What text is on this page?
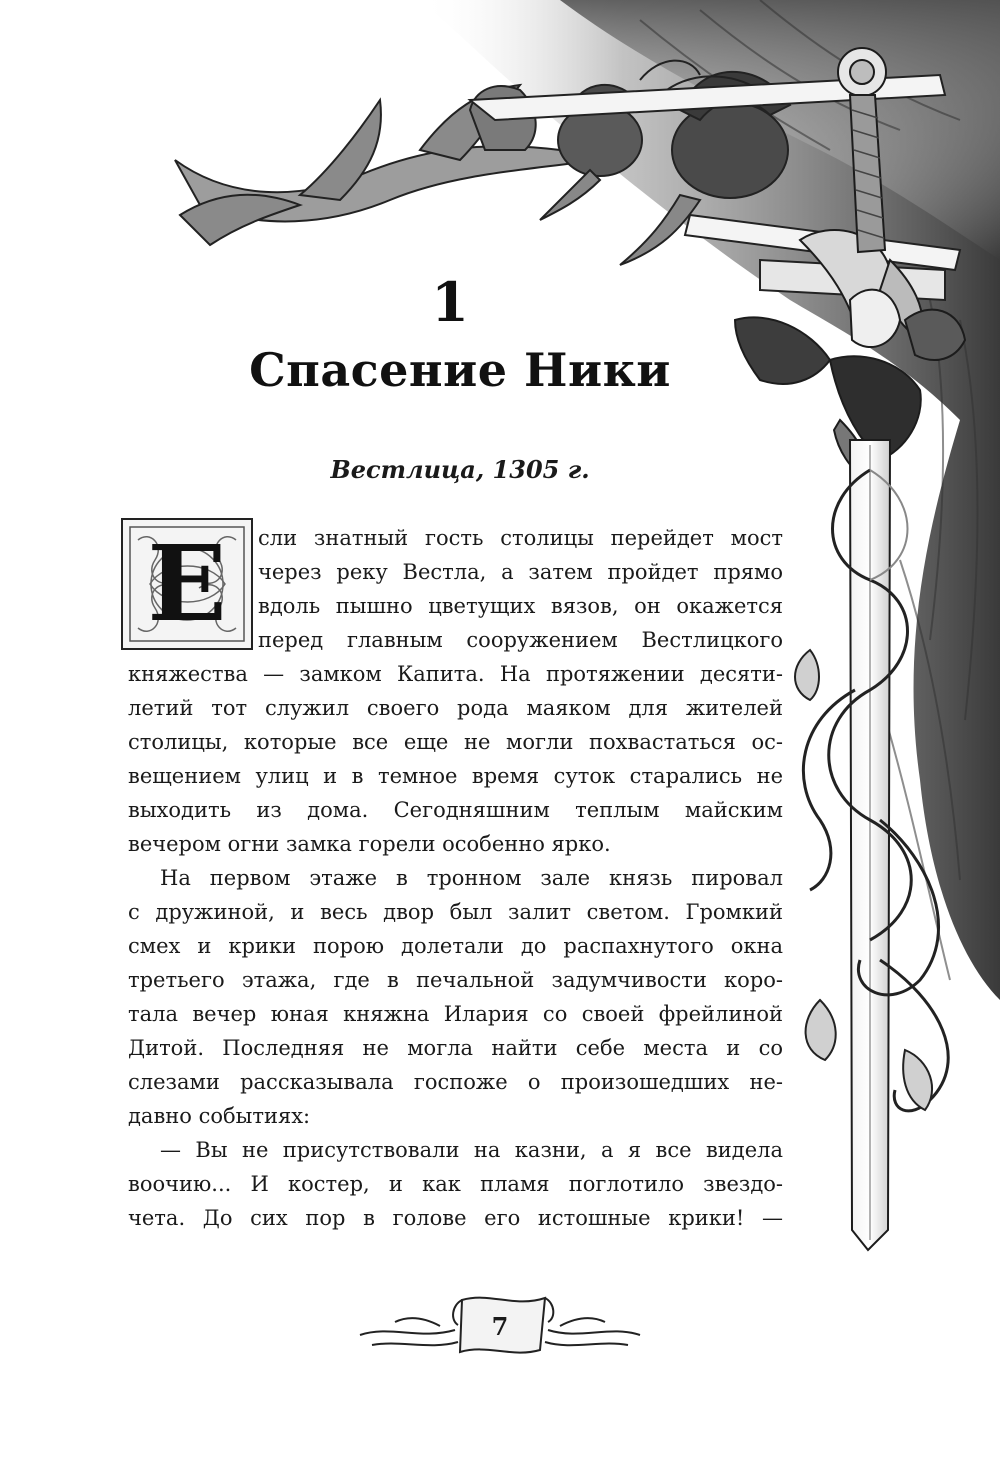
1
Спасение Ники
Вестлица, 1305 г.
Е	сли знатный гость столицы перейдет мост
через реку Вестла, а затем пройдет прямо
вдоль пышно цветущих вязов, он окажется
перед главным сооружением Вестлицкого
княжества — замком Капита. На протяжении десяти-
летий тот служил своего рода маяком для жителей
столицы, которые все еще не могли похвастаться ос-
вещением улиц и в темное время суток старались не
выходить из дома. Сегодняшним теплым майским
вечером огни замка горели особенно ярко.
На первом этаже в тронном зале князь пировал
с дружиной, и весь двор был залит светом. Громкий
смех и крики порою долетали до распахнутого окна
третьего этажа, где в печальной задумчивости коро-
тала вечер юная княжна Илария со своей фрейлиной
Дитой. Последняя не могла найти себе места и со
слезами рассказывала госпоже о произошедших не-
давно событиях:
— Вы не присутствовали на казни, а я все видела
воочию... И костер, и как пламя поглотило звездо-
чета. До сих пор в голове его истошные крики! —
7
